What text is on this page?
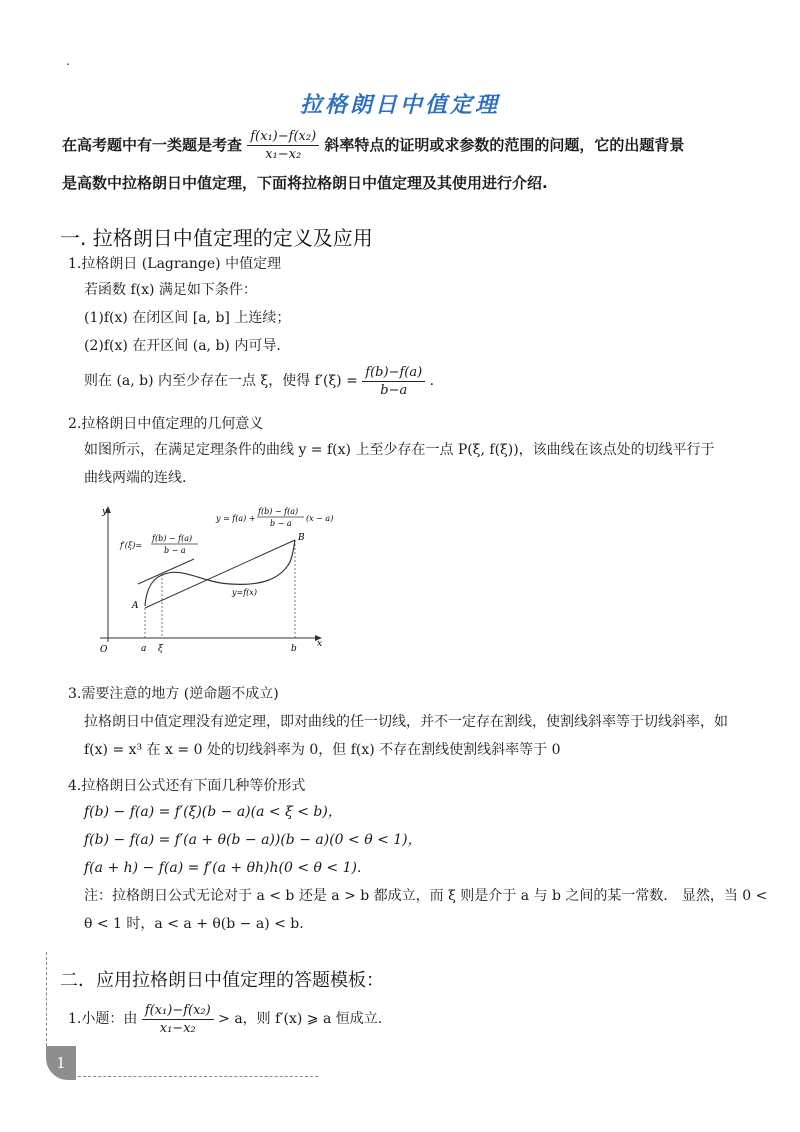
.
拉格朗日中值定理
在高考题中有一类题是考查 $\frac{\text{f(x₁)−f(x₂)}}{\text{x₁−x₂}}$ 斜率特点的证明或求参数的范围的问题，它的出题背景
是高数中拉格朗日中值定理，下面将拉格朗日中值定理及其使用进行介绍.
一. 拉格朗日中值定理的定义及应用
1.拉格朗日 (Lagrange) 中值定理
若函数 f(x) 满足如下条件：
(1)f(x) 在闭区间 [a, b] 上连续；
(2)f(x) 在开区间 (a, b) 内可导.
则在 (a, b) 内至少存在一点 ξ，使得 $f'(\xi) = \frac{f(b)-f(a)}{b-a}$ .
2.拉格朗日中值定理的几何意义
如图所示，在满足定理条件的曲线 y = f(x) 上至少存在一点 P(ξ, f(ξ))，该曲线在该点处的切线平行于
曲线两端的连线.
y
x
O	a ξ	b
A
B
y=f(x)
y = f(a) +
f(b) − f(a)
b − a
(x − a)
f′(ξ)=
f(b) − f(a)
b − a
3.需要注意的地方 (逆命题不成立)
拉格朗日中值定理没有逆定理，即对曲线的任一切线，并不一定存在割线，使割线斜率等于切线斜率，如
f(x) = x³ 在 x = 0 处的切线斜率为 0，但 f(x) 不存在割线使割线斜率等于 0
4.拉格朗日公式还有下面几种等价形式
f(b) − f(a) = f′(ξ)(b − a)(a < ξ < b)，
f(b) − f(a) = f′(a + θ(b − a))(b − a)(0 < θ < 1)，
f(a + h) − f(a) = f′(a + θh)h(0 < θ < 1).
注：拉格朗日公式无论对于 a < b 还是 a > b 都成立，而 ξ 则是介于 a 与 b 之间的某一常数． 显然，当 0 <
θ < 1 时，a < a + θ(b − a) < b.
二．应用拉格朗日中值定理的答题模板：
1.小题：由 $\frac{\text{f(x₁)−f(x₂)}}{\text{x₁−x₂}} > a$，则 f′(x) ⩾ a 恒成立.
1
